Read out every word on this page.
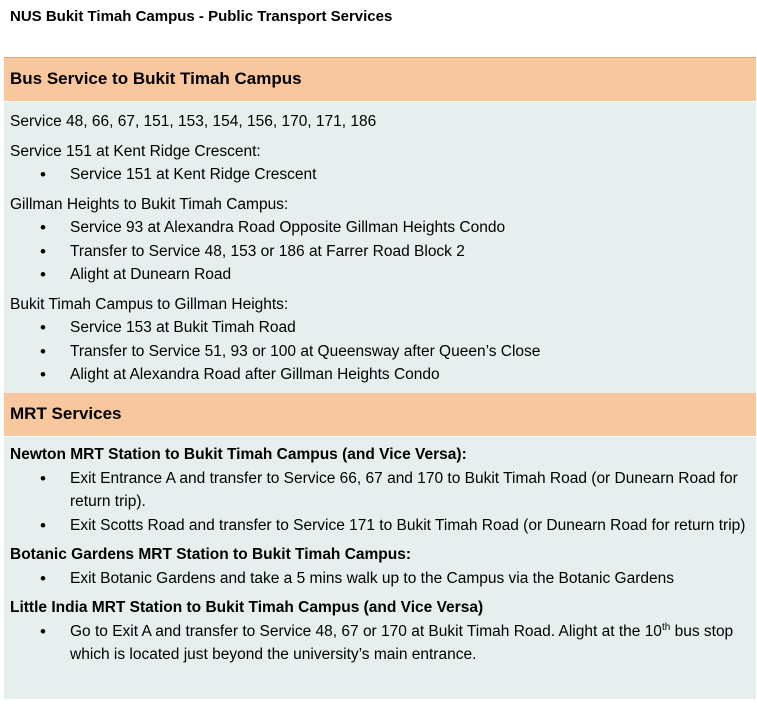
NUS Bukit Timah Campus - Public Transport Services
Bus Service to Bukit Timah Campus

Service 48, 66, 67, 151, 153, 154, 156, 170, 171, 186

Service 151 at Kent Ridge Crescent:

• Service 151 at Kent Ridge Crescent

Gillman Heights to Bukit Timah Campus:

• Service 93 at Alexandra Road Opposite Gillman Heights Condo
• Transfer to Service 48, 153 or 186 at Farrer Road Block 2
• Alight at Dunearn Road

Bukit Timah Campus to Gillman Heights:

• Service 153 at Bukit Timah Road
• Transfer to Service 51, 93 or 100 at Queensway after Queen’s Close
• Alight at Alexandra Road after Gillman Heights Condo
MRT Services

Newton MRT Station to Bukit Timah Campus (and Vice Versa):

• Exit Entrance A and transfer to Service 66, 67 and 170 to Bukit Timah Road (or Dunearn Road for return trip).
• Exit Scotts Road and transfer to Service 171 to Bukit Timah Road (or Dunearn Road for return trip)

Botanic Gardens MRT Station to Bukit Timah Campus:

• Exit Botanic Gardens and take a 5 mins walk up to the Campus via the Botanic Gardens

Little India MRT Station to Bukit Timah Campus (and Vice Versa)

• Go to Exit A and transfer to Service 48, 67 or 170 at Bukit Timah Road. Alight at the 10th bus stop which is located just beyond the university’s main entrance.
